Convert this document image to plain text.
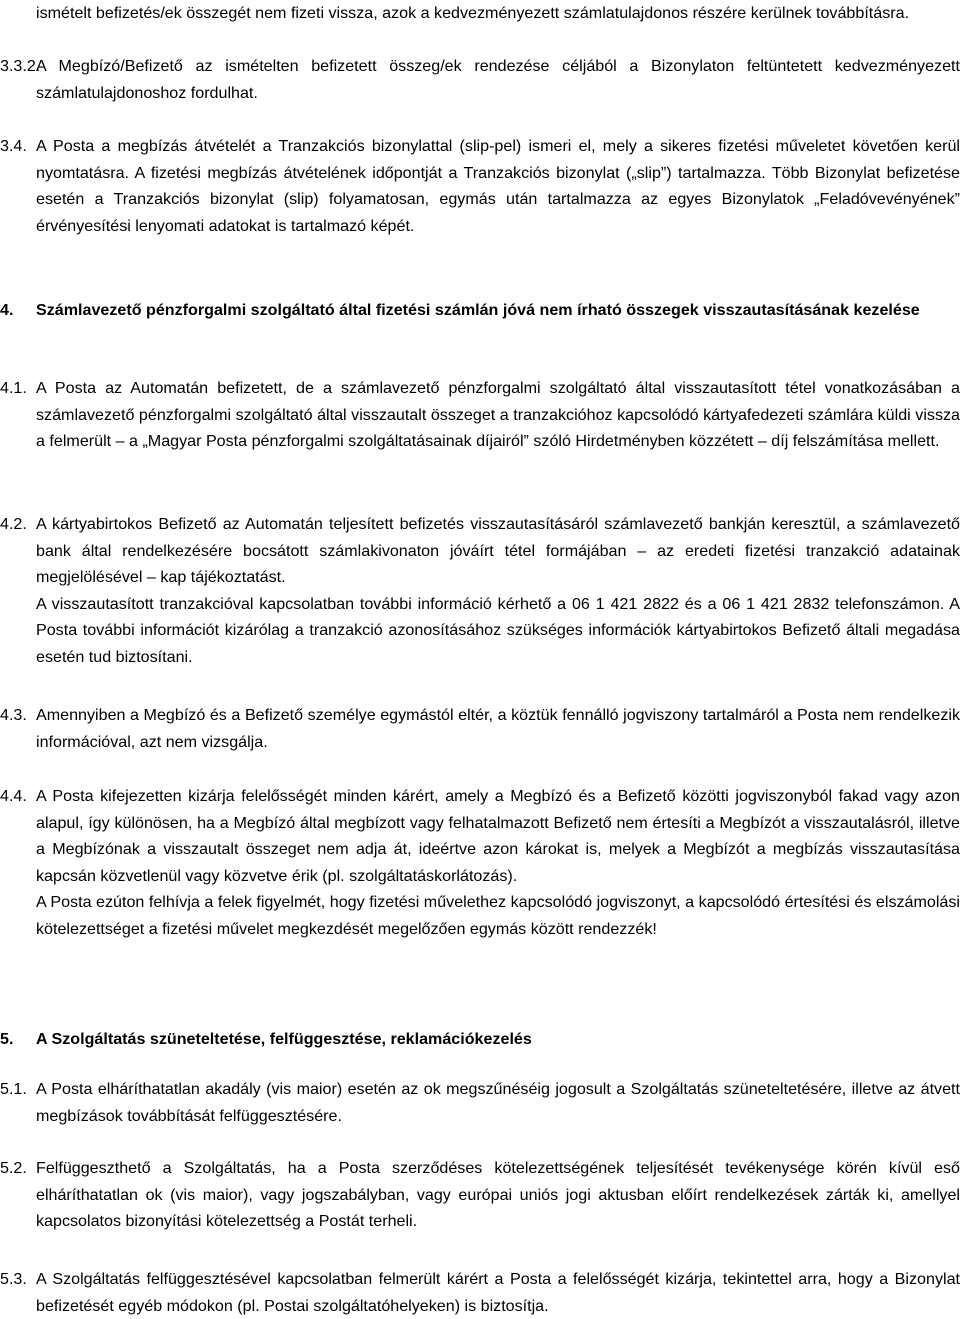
ismételt befizetés/ek összegét nem fizeti vissza, azok a kedvezményezett számlatulajdonos részére kerülnek továbbításra.
3.3.2.
A Megbízó/Befizető az ismételten befizetett összeg/ek rendezése céljából a Bizonylaton feltüntetett kedvezményezett számlatulajdonoshoz fordulhat.
3.4. A Posta a megbízás átvételét a Tranzakciós bizonylattal (slip-pel) ismeri el, mely a sikeres fizetési műveletet követően kerül nyomtatásra. A fizetési megbízás átvételének időpontját a Tranzakciós bizonylat („slip”) tartalmazza. Több Bizonylat befizetése esetén a Tranzakciós bizonylat (slip) folyamatosan, egymás után tartalmazza az egyes Bizonylatok „Feladóvevényének” érvényesítési lenyomati adatokat is tartalmazó képét.
4. Számlavezető pénzforgalmi szolgáltató által fizetési számlán jóvá nem írható összegek visszautasításának kezelése
4.1. A Posta az Automatán befizetett, de a számlavezető pénzforgalmi szolgáltató által visszautasított tétel vonatkozásában a számlavezető pénzforgalmi szolgáltató által visszautalt összeget a tranzakcióhoz kapcsolódó kártyafedezeti számlára küldi vissza a felmerült – a „Magyar Posta pénzforgalmi szolgáltatásainak díjairól” szóló Hirdetményben közzétett – díj felszámítása mellett.
4.2. A kártyabirtokos Befizető az Automatán teljesített befizetés visszautasításáról számlavezető bankján keresztül, a számlavezető bank által rendelkezésére bocsátott számlakivonaton jóváírt tétel formájában – az eredeti fizetési tranzakció adatainak megjelölésével – kap tájékoztatást.
A visszautasított tranzakcióval kapcsolatban további információ kérhető a 06 1 421 2822 és a 06 1 421 2832 telefonszámon. A Posta további információt kizárólag a tranzakció azonosításához szükséges információk kártyabirtokos Befizető általi megadása esetén tud biztosítani.
4.3. Amennyiben a Megbízó és a Befizető személye egymástól eltér, a köztük fennálló jogviszony tartalmáról a Posta nem rendelkezik információval, azt nem vizsgálja.
4.4. A Posta kifejezetten kizárja felelősségét minden kárért, amely a Megbízó és a Befizető közötti jogviszonyból fakad vagy azon alapul, így különösen, ha a Megbízó által megbízott vagy felhatalmazott Befizető nem értesíti a Megbízót a visszautalásról, illetve a Megbízónak a visszautalt összeget nem adja át, ideértve azon károkat is, melyek a Megbízót a megbízás visszautasítása kapcsán közvetlenül vagy közvetve érik (pl. szolgáltatáskorlátozás).
A Posta ezúton felhívja a felek figyelmét, hogy fizetési művelethez kapcsolódó jogviszonyt, a kapcsolódó értesítési és elszámolási kötelezettséget a fizetési művelet megkezdését megelőzően egymás között rendezzék!
5. A Szolgáltatás szüneteltetése, felfüggesztése, reklamációkezelés
5.1. A Posta elháríthatatlan akadály (vis maior) esetén az ok megszűnéséig jogosult a Szolgáltatás szüneteltetésére, illetve az átvett megbízások továbbítását felfüggesztésére.
5.2. Felfüggeszthető a Szolgáltatás, ha a Posta szerződéses kötelezettségének teljesítését tevékenysége körén kívül eső elháríthatatlan ok (vis maior), vagy jogszabályban, vagy európai uniós jogi aktusban előírt rendelkezések zárták ki, amellyel kapcsolatos bizonyítási kötelezettség a Postát terheli.
5.3. A Szolgáltatás felfüggesztésével kapcsolatban felmerült kárért a Posta a felelősségét kizárja, tekintettel arra, hogy a Bizonylat befizetését egyéb módokon (pl. Postai szolgáltatóhelyeken) is biztosítja.
